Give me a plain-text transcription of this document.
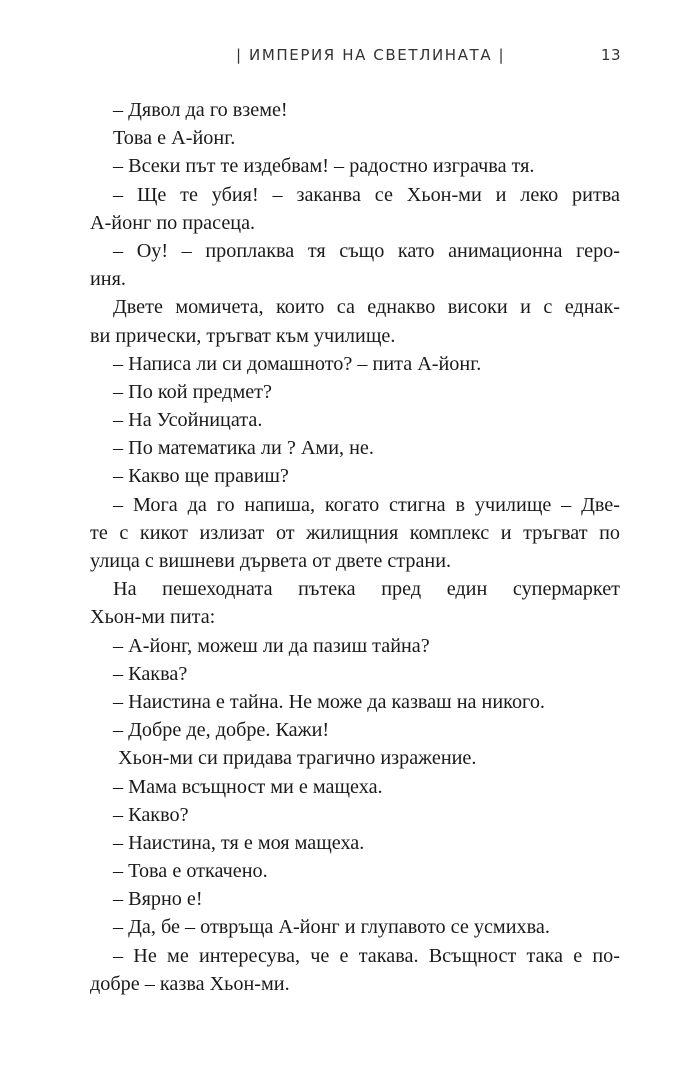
| ИМПЕРИЯ НА СВЕТЛИНАТА |	13
– Дявол да го вземе!
Това е А-йонг.
– Всеки път те издебвам! – радостно изграчва тя.
– Ще те убия! – заканва се Хьон-ми и леко ритва
А-йонг по прасеца.
– Оу! – проплаква тя също като анимационна геро-
иня.
Двете момичета, които са еднакво високи и с еднак-
ви прически, тръгват към училище.
– Написа ли си домашното? – пита А-йонг.
– По кой предмет?
– На Усойницата.
– По математика ли ? Ами, не.
– Какво ще правиш?
– Мога да го напиша, когато стигна в училище – Две-
те с кикот излизат от жилищния комплекс и тръгват по
улица с вишневи дървета от двете страни.
На пешеходната пътека пред един супермаркет
Хьон-ми пита:
– А-йонг, можеш ли да пазиш тайна?
– Каква?
– Наистина е тайна. Не може да казваш на никого.
– Добре де, добре. Кажи!
Хьон-ми си придава трагично изражение.
– Мама всъщност ми е мащеха.
– Какво?
– Наистина, тя е моя мащеха.
– Това е откачено.
– Вярно е!
– Да, бе – отвръща А-йонг и глупавото се усмихва.
– Не ме интересува, че е такава. Всъщност така е по-
добре – казва Хьон-ми.
